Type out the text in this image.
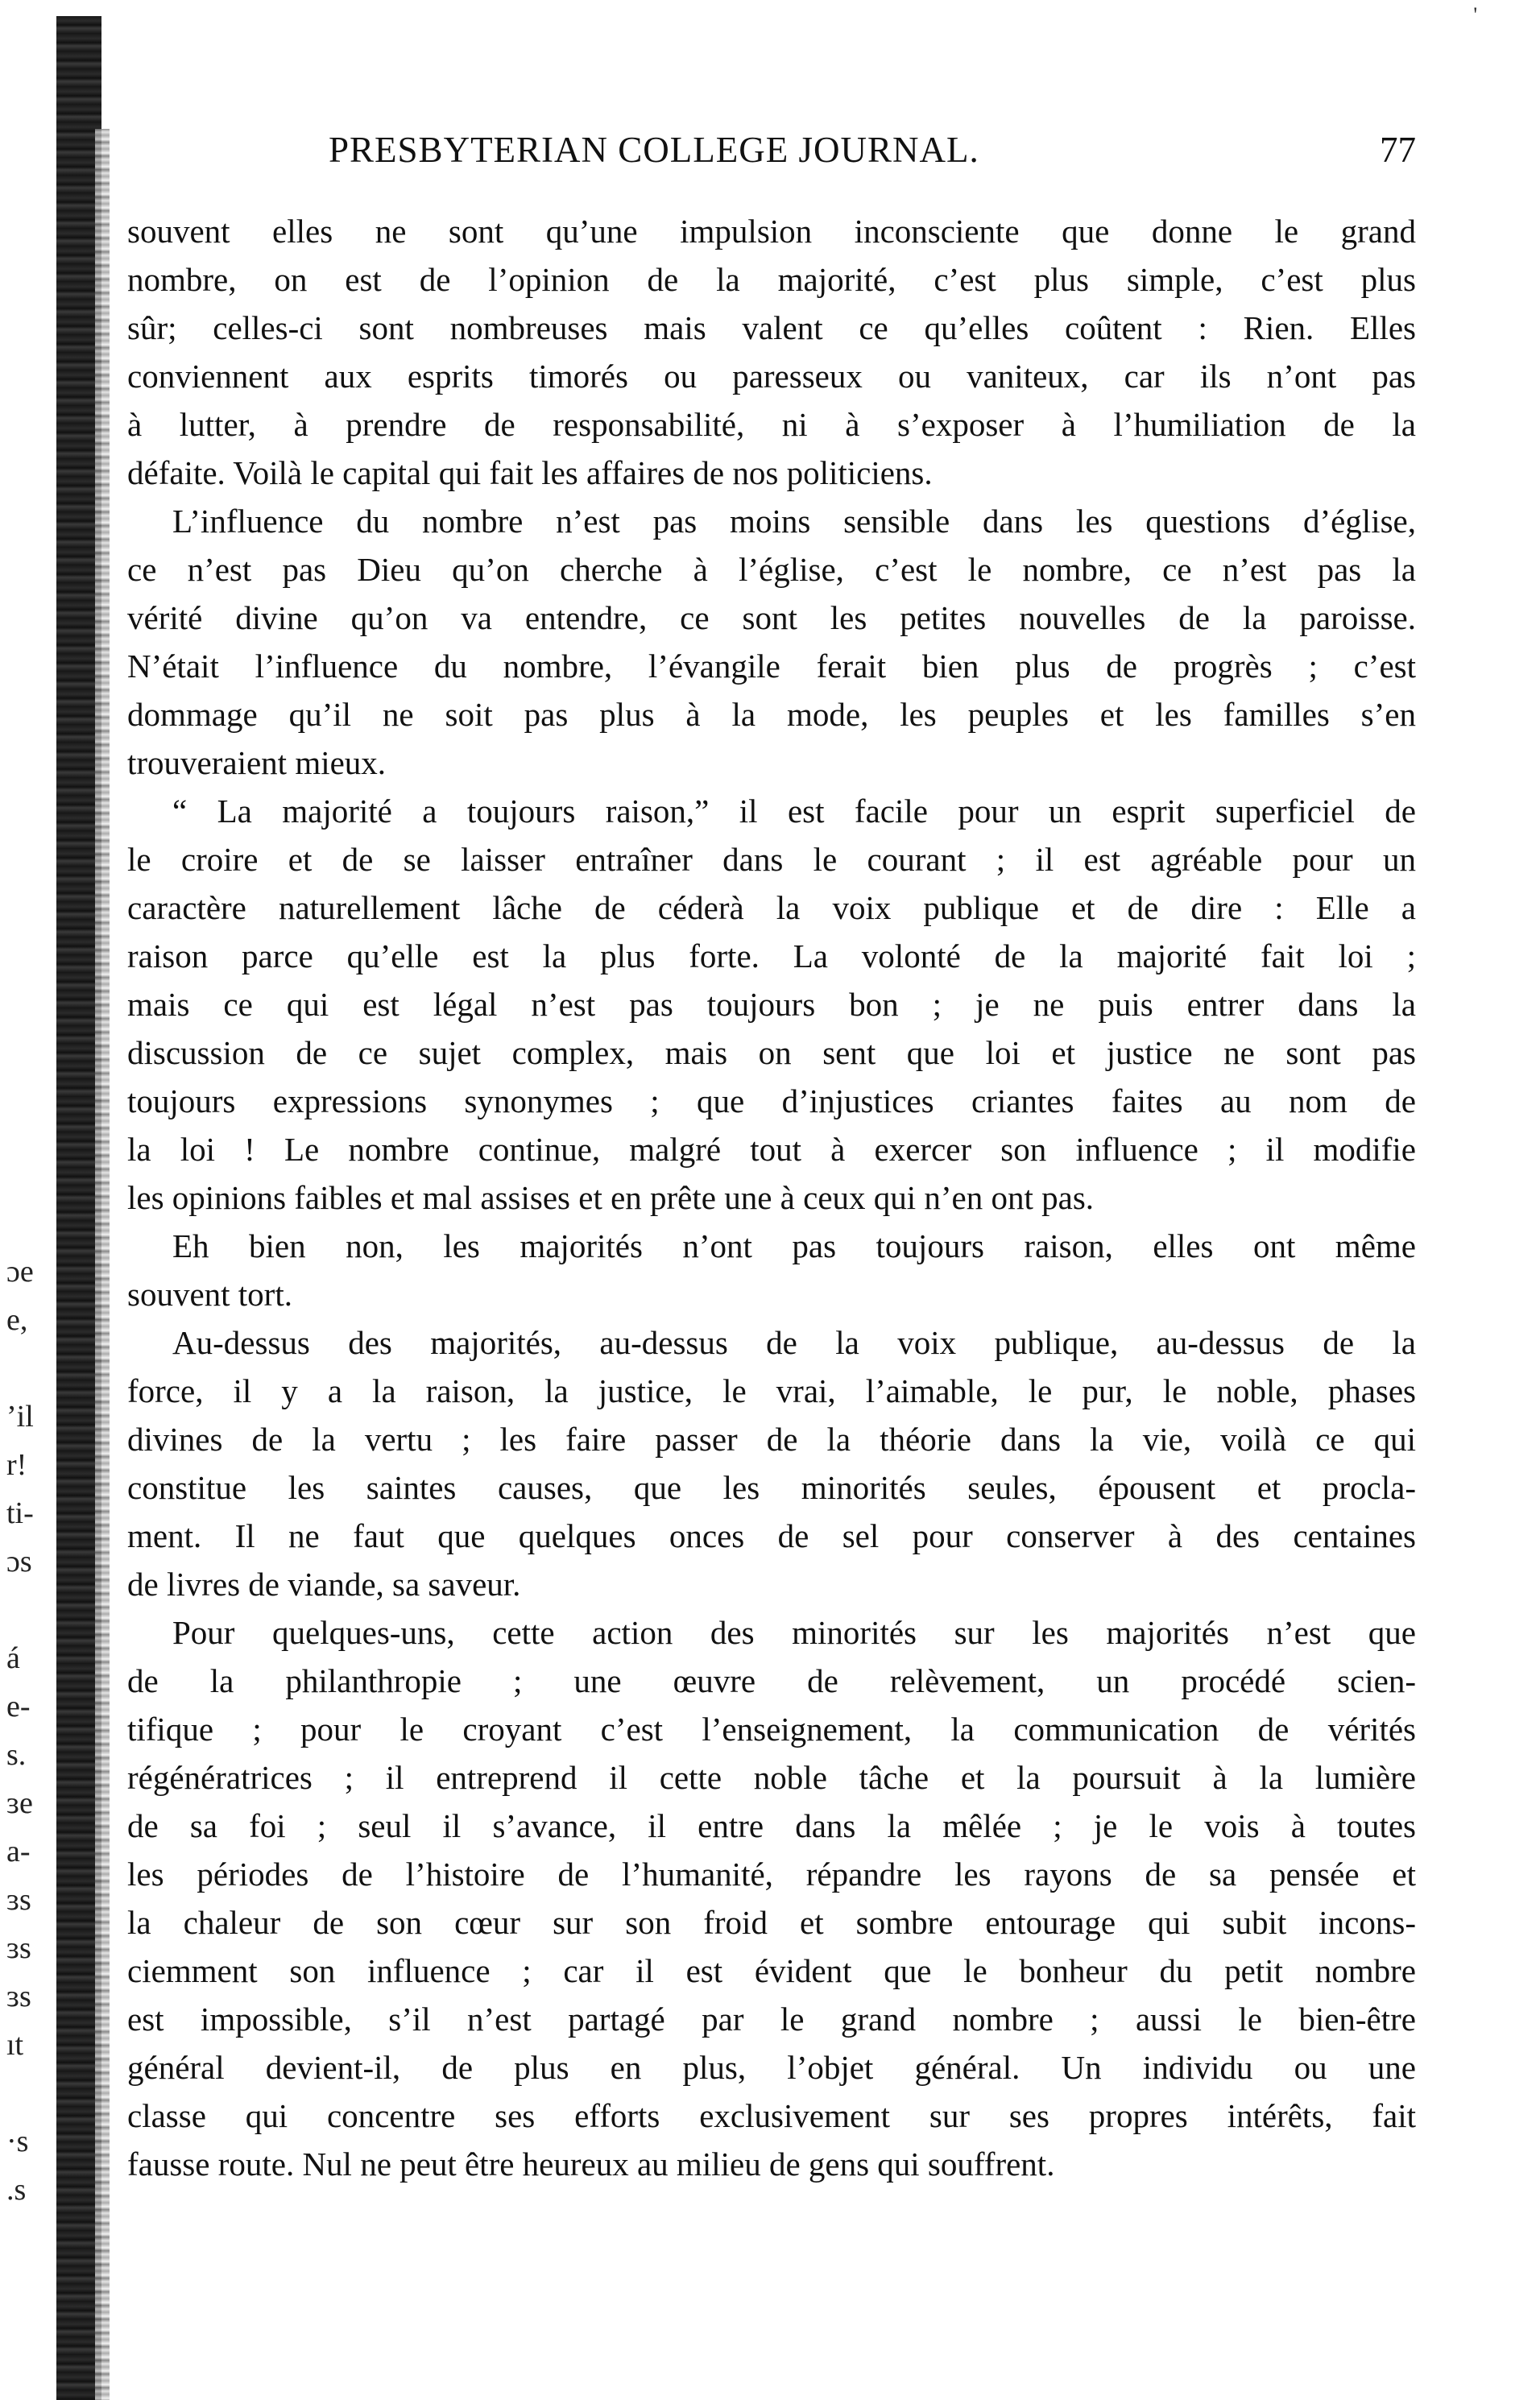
'
ɔe
e,
’il
r!
ti-
ɔs
á
e-
s.
ɜe
a-
ɜs
ɜs
ɜs
ıt
·s
.s
PRESBYTERIAN COLLEGE JOURNAL.	77
souvent elles ne sont qu’une impulsion inconsciente que donne le grand
nombre, on est de l’opinion de la majorité, c’est plus simple, c’est plus
sûr; celles-ci sont nombreuses mais valent ce qu’elles coûtent : Rien. Elles
conviennent aux esprits timorés ou paresseux ou vaniteux, car ils n’ont pas
à lutter, à prendre de responsabilité, ni à s’exposer à l’humiliation de la
défaite. Voilà le capital qui fait les affaires de nos politiciens.
L’influence du nombre n’est pas moins sensible dans les questions d’église,
ce n’est pas Dieu qu’on cherche à l’église, c’est le nombre, ce n’est pas la
vérité divine qu’on va entendre, ce sont les petites nouvelles de la paroisse.
N’était l’influence du nombre, l’évangile ferait bien plus de progrès ; c’est
dommage qu’il ne soit pas plus à la mode, les peuples et les familles s’en
trouveraient mieux.
“ La majorité a toujours raison,” il est facile pour un esprit superficiel de
le croire et de se laisser entraîner dans le courant ; il est agréable pour un
caractère naturellement lâche de céderà la voix publique et de dire : Elle a
raison parce qu’elle est la plus forte. La volonté de la majorité fait loi ;
mais ce qui est légal n’est pas toujours bon ; je ne puis entrer dans la
discussion de ce sujet complex, mais on sent que loi et justice ne sont pas
toujours expressions synonymes ; que d’injustices criantes faites au nom de
la loi ! Le nombre continue, malgré tout à exercer son influence ; il modifie
les opinions faibles et mal assises et en prête une à ceux qui n’en ont pas.
Eh bien non, les majorités n’ont pas toujours raison, elles ont même
souvent tort.
Au-dessus des majorités, au-dessus de la voix publique, au-dessus de la
force, il y a la raison, la justice, le vrai, l’aimable, le pur, le noble, phases
divines de la vertu ; les faire passer de la théorie dans la vie, voilà ce qui
constitue les saintes causes, que les minorités seules, épousent et procla-
ment. Il ne faut que quelques onces de sel pour conserver à des centaines
de livres de viande, sa saveur.
Pour quelques-uns, cette action des minorités sur les majorités n’est que
de la philanthropie ; une œuvre de relèvement, un procédé scien-
tifique ; pour le croyant c’est l’enseignement, la communication de vérités
régénératrices ; il entreprend il cette noble tâche et la poursuit à la lumière
de sa foi ; seul il s’avance, il entre dans la mêlée ; je le vois à toutes
les périodes de l’histoire de l’humanité, répandre les rayons de sa pensée et
la chaleur de son cœur sur son froid et sombre entourage qui subit incons-
ciemment son influence ; car il est évident que le bonheur du petit nombre
est impossible, s’il n’est partagé par le grand nombre ; aussi le bien-être
général devient-il, de plus en plus, l’objet général. Un individu ou une
classe qui concentre ses efforts exclusivement sur ses propres intérêts, fait
fausse route. Nul ne peut être heureux au milieu de gens qui souffrent.
